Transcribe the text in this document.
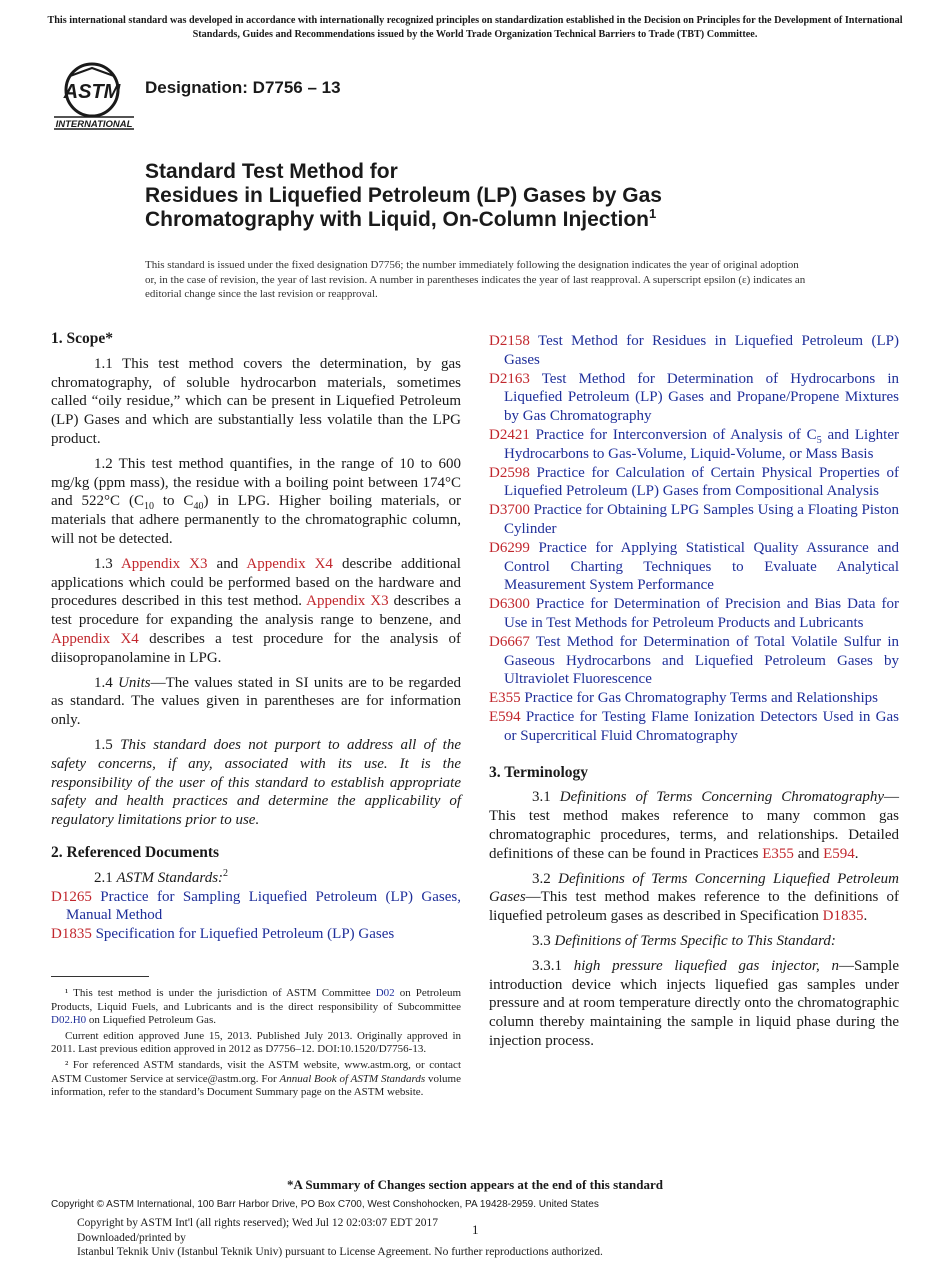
This international standard was developed in accordance with internationally recognized principles on standardization established in the Decision on Principles for the Development of International Standards, Guides and Recommendations issued by the World Trade Organization Technical Barriers to Trade (TBT) Committee.
ASTM
INTERNATIONAL
Designation: D7756 – 13
Standard Test Method for
Residues in Liquefied Petroleum (LP) Gases by Gas
Chromatography with Liquid, On-Column Injection$^1$
This standard is issued under the fixed designation D7756; the number immediately following the designation indicates the year of original adoption or, in the case of revision, the year of last revision. A number in parentheses indicates the year of last reapproval. A superscript epsilon (ε) indicates an editorial change since the last revision or reapproval.
1. Scope*

1.1 This test method covers the determination, by gas chromatography, of soluble hydrocarbon materials, sometimes called “oily residue,” which can be present in Liquefied Petroleum (LP) Gases and which are substantially less volatile than the LPG product.

1.2 This test method quantifies, in the range of 10 to 600 mg/kg (ppm mass), the residue with a boiling point between 174°C and 522°C ($C_{10}$ to $C_{40}$) in LPG. Higher boiling materials, or materials that adhere permanently to the chromatographic column, will not be detected.

1.3 Appendix X3 and Appendix X4 describe additional applications which could be performed based on the hardware and procedures described in this test method. Appendix X3 describes a test procedure for expanding the analysis range to benzene, and Appendix X4 describes a test procedure for the analysis of diisopropanolamine in LPG.

1.4 Units—The values stated in SI units are to be regarded as standard. The values given in parentheses are for information only.

1.5 This standard does not purport to address all of the safety concerns, if any, associated with its use. It is the responsibility of the user of this standard to establish appropriate safety and health practices and determine the applicability of regulatory limitations prior to use.

2. Referenced Documents

2.1 ASTM Standards:$^2$

D1265 Practice for Sampling Liquefied Petroleum (LP) Gases, Manual Method

D1835 Specification for Liquefied Petroleum (LP) Gases

D2158 Test Method for Residues in Liquefied Petroleum (LP) Gases

D2163 Test Method for Determination of Hydrocarbons in Liquefied Petroleum (LP) Gases and Propane/Propene Mixtures by Gas Chromatography

D2421 Practice for Interconversion of Analysis of $C_5$ and Lighter Hydrocarbons to Gas-Volume, Liquid-Volume, or Mass Basis

D2598 Practice for Calculation of Certain Physical Properties of Liquefied Petroleum (LP) Gases from Compositional Analysis

D3700 Practice for Obtaining LPG Samples Using a Floating Piston Cylinder

D6299 Practice for Applying Statistical Quality Assurance and Control Charting Techniques to Evaluate Analytical Measurement System Performance

D6300 Practice for Determination of Precision and Bias Data for Use in Test Methods for Petroleum Products and Lubricants

D6667 Test Method for Determination of Total Volatile Sulfur in Gaseous Hydrocarbons and Liquefied Petroleum Gases by Ultraviolet Fluorescence

E355 Practice for Gas Chromatography Terms and Relationships

E594 Practice for Testing Flame Ionization Detectors Used in Gas or Supercritical Fluid Chromatography

3. Terminology

3.1 Definitions of Terms Concerning Chromatography—This test method makes reference to many common gas chromatographic procedures, terms, and relationships. Detailed definitions of these can be found in Practices E355 and E594.

3.2 Definitions of Terms Concerning Liquefied Petroleum Gases—This test method makes reference to the definitions of liquefied petroleum gases as described in Specification D1835.

3.3 Definitions of Terms Specific to This Standard:

3.3.1 high pressure liquefied gas injector, n—Sample introduction device which injects liquefied gas samples under pressure and at room temperature directly onto the chromatographic column thereby maintaining the sample in liquid phase during the injection process.

¹ This test method is under the jurisdiction of ASTM Committee D02 on Petroleum Products, Liquid Fuels, and Lubricants and is the direct responsibility of Subcommittee D02.H0 on Liquefied Petroleum Gas.

Current edition approved June 15, 2013. Published July 2013. Originally approved in 2011. Last previous edition approved in 2012 as D7756–12. DOI:10.1520/D7756-13.

² For referenced ASTM standards, visit the ASTM website, www.astm.org, or contact ASTM Customer Service at service@astm.org. For Annual Book of ASTM Standards volume information, refer to the standard’s Document Summary page on the ASTM website.

*A Summary of Changes section appears at the end of this standard
Copyright © ASTM International, 100 Barr Harbor Drive, PO Box C700, West Conshohocken, PA 19428-2959. United States
Copyright by ASTM Int'l (all rights reserved); Wed Jul 12 02:03:07 EDT 2017
Downloaded/printed by
Istanbul Teknik Univ (Istanbul Teknik Univ) pursuant to License Agreement. No further reproductions authorized.
1
